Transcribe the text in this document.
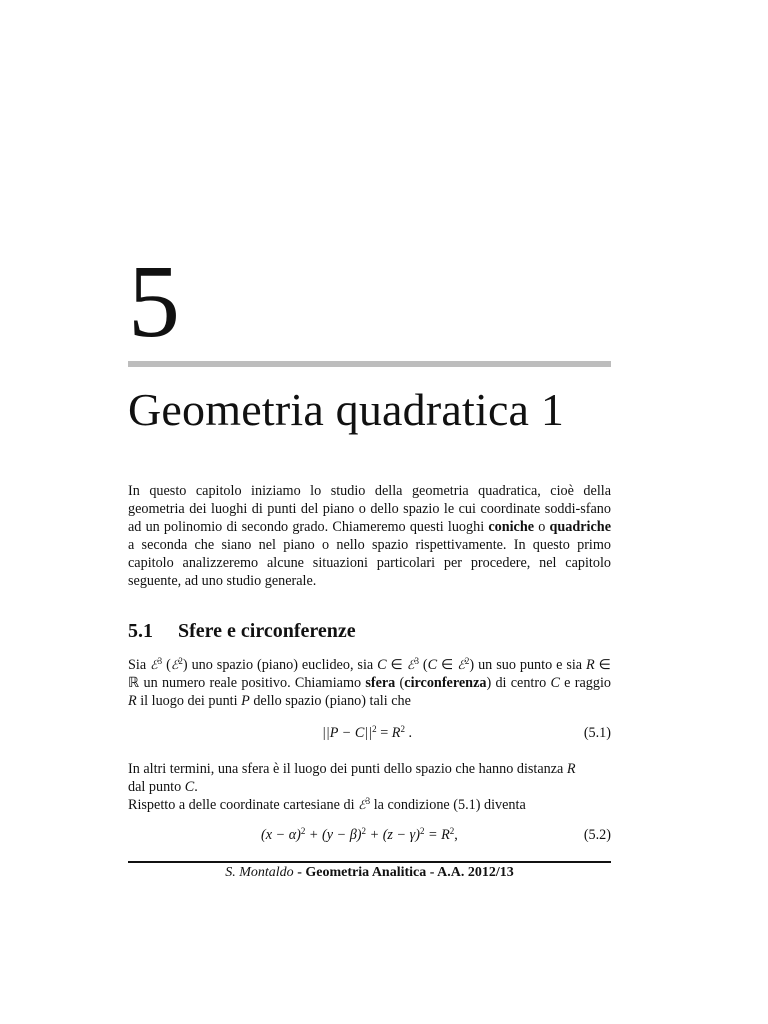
5
Geometria quadratica 1

In questo capitolo iniziamo lo studio della geometria quadratica, cioè della geometria dei luoghi di punti del piano o dello spazio le cui coordinate soddi-sfano ad un polinomio di secondo grado. Chiameremo questi luoghi coniche o quadriche a seconda che siano nel piano o nello spazio rispettivamente. In questo primo capitolo analizzeremo alcune situazioni particolari per procedere, nel capitolo seguente, ad uno studio generale.

5.1 Sfere e circonferenze

Sia ℰ$^3$ (ℰ$^2$) uno spazio (piano) euclideo, sia C ∈ ℰ$^3$ (C ∈ ℰ$^2$) un suo punto e sia R ∈ ℝ un numero reale positivo. Chiamiamo sfera (circonferenza) di centro C e raggio R il luogo dei punti P dello spazio (piano) tali che

$||P - C||^2 = R^2$ .	(5.1)

In altri termini, una sfera è il luogo dei punti dello spazio che hanno distanza R
dal punto C.
Rispetto a delle coordinate cartesiane di ℰ$^3$ la condizione (5.1) diventa

$(x - \alpha)^2 + (y - \beta)^2 + (z - \gamma)^2 = R^2$,	(5.2)

S. Montaldo - Geometria Analitica - A.A. 2012/13
